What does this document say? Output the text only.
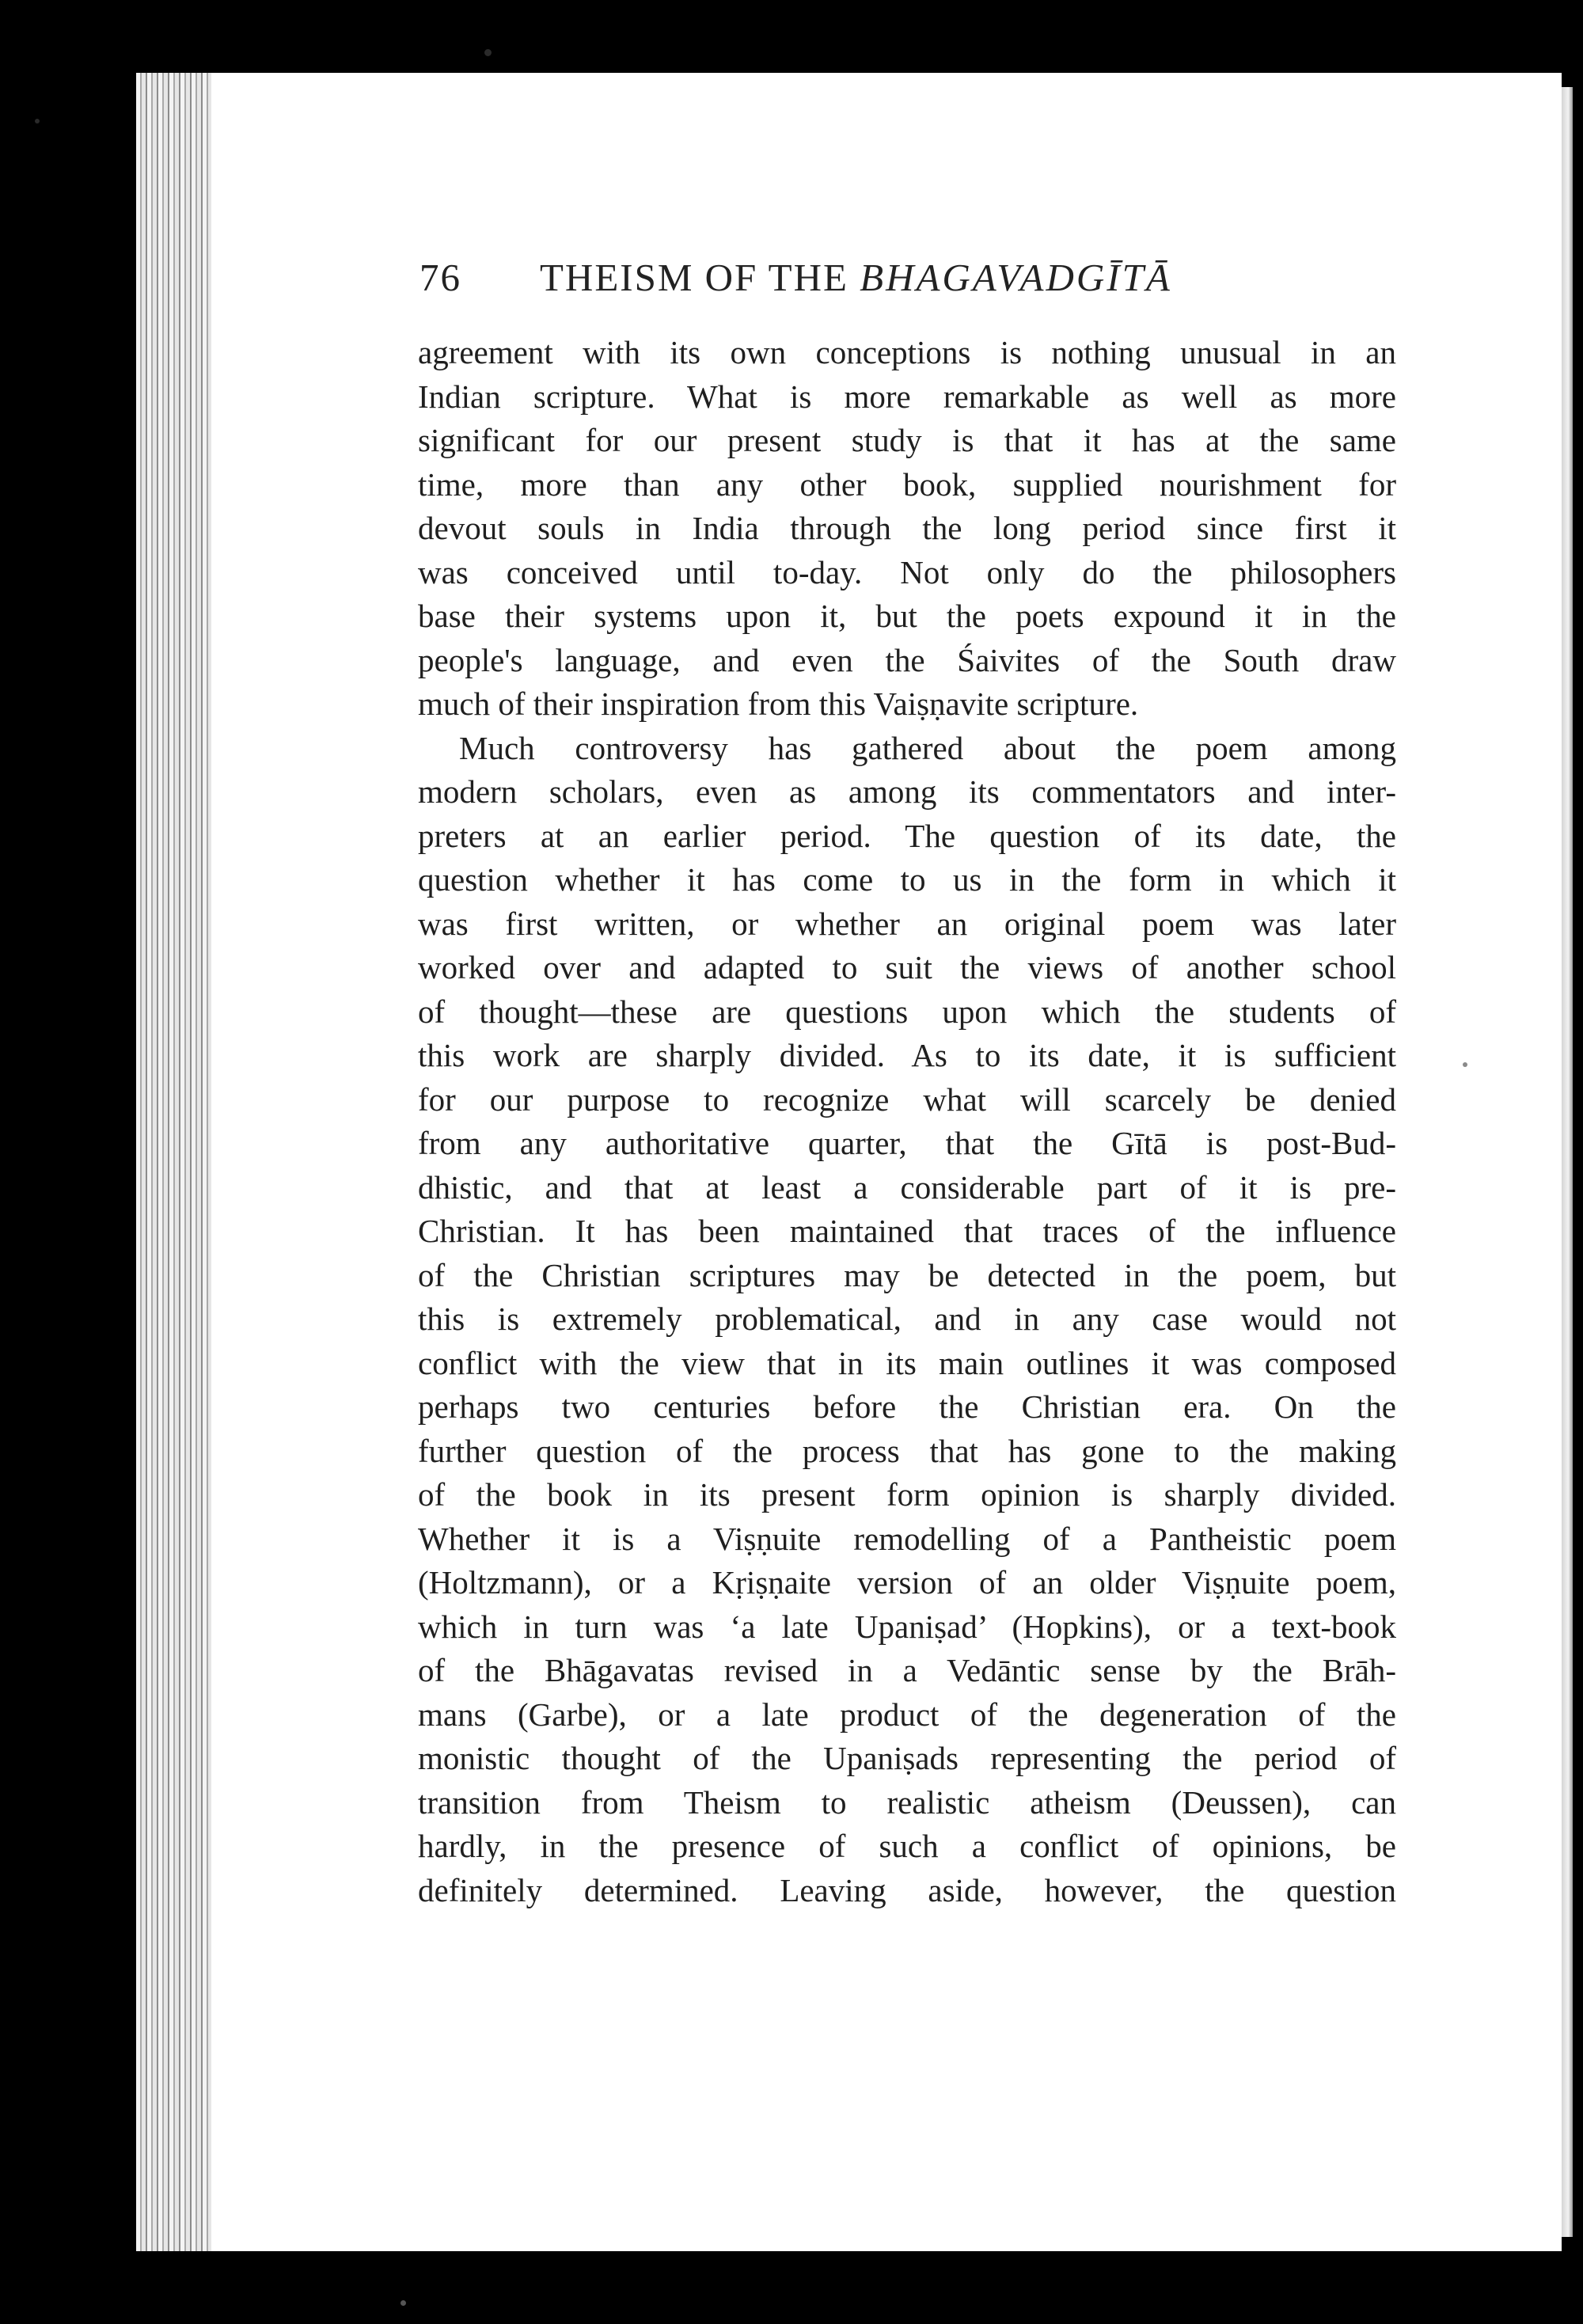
76 THEISM OF THE BHAGAVADGĪTĀ
agreement with its own conceptions is nothing unusual in an
Indian scripture. What is more remarkable as well as more
significant for our present study is that it has at the same
time, more than any other book, supplied nourishment for
devout souls in India through the long period since first it
was conceived until to-day. Not only do the philosophers
base their systems upon it, but the poets expound it in the
people's language, and even the Śaivites of the South draw
much of their inspiration from this Vaiṣṇavite scripture.
Much controversy has gathered about the poem among
modern scholars, even as among its commentators and inter-
preters at an earlier period. The question of its date, the
question whether it has come to us in the form in which it
was first written, or whether an original poem was later
worked over and adapted to suit the views of another school
of thought—these are questions upon which the students of
this work are sharply divided. As to its date, it is sufficient
for our purpose to recognize what will scarcely be denied
from any authoritative quarter, that the Gītā is post-Bud-
dhistic, and that at least a considerable part of it is pre-
Christian. It has been maintained that traces of the influence
of the Christian scriptures may be detected in the poem, but
this is extremely problematical, and in any case would not
conflict with the view that in its main outlines it was composed
perhaps two centuries before the Christian era. On the
further question of the process that has gone to the making
of the book in its present form opinion is sharply divided.
Whether it is a Viṣṇuite remodelling of a Pantheistic poem
(Holtzmann), or a Kṛiṣṇaite version of an older Viṣṇuite poem,
which in turn was ‘a late Upaniṣad’ (Hopkins), or a text-book
of the Bhāgavatas revised in a Vedāntic sense by the Brāh-
mans (Garbe), or a late product of the degeneration of the
monistic thought of the Upaniṣads representing the period of
transition from Theism to realistic atheism (Deussen), can
hardly, in the presence of such a conflict of opinions, be
definitely determined. Leaving aside, however, the question
